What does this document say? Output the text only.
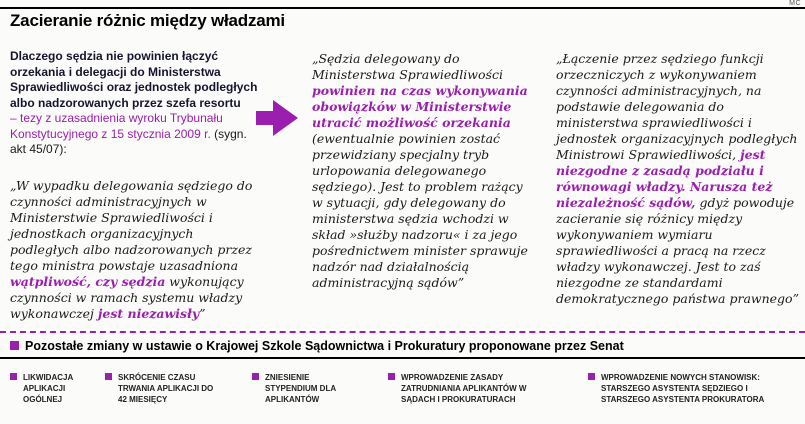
MC
Zacieranie różnic między władzami
Dlaczego sędzia nie powinien łączyć orzekania i delegacji do Ministerstwa Sprawiedliwości oraz jednostek podległych albo nadzorowanych przez szefa resortu
– tezy z uzasadnienia wyroku Trybunału Konstytucyjnego z 15 stycznia 2009 r. (sygn. akt 45/07):
„W wypadku delegowania sędziego do czynności administracyjnych w Ministerstwie Sprawiedliwości i jednostkach organizacyjnych podległych albo nadzorowanych przez tego ministra powstaje uzasadniona wątpliwość, czy sędzia wykonujący czynności w ramach systemu władzy wykonawczej jest niezawisły”
„Sędzia delegowany do Ministerstwa Sprawiedliwości powinien na czas wykonywania obowiązków w Ministerstwie utracić możliwość orzekania (ewentualnie powinien zostać przewidziany specjalny tryb urlopowania delegowanego sędziego). Jest to problem rażący w sytuacji, gdy delegowany do ministerstwa sędzia wchodzi w skład »służby nadzoru« i za jego pośrednictwem minister sprawuje nadzór nad działalnością administracyjną sądów”
„Łączenie przez sędziego funkcji orzeczniczych z wykonywaniem czynności administracyjnych, na podstawie delegowania do ministerstwa sprawiedliwości i jednostek organizacyjnych podległych Ministrowi Sprawiedliwości, jest niezgodne z zasadą podziału i równowagi władzy. Narusza też niezależność sądów, gdyż powoduje zacieranie się różnicy między wykonywaniem wymiaru sprawiedliwości a pracą na rzecz władzy wykonawczej. Jest to zaś niezgodne ze standardami demokratycznego państwa prawnego”
Pozostałe zmiany w ustawie o Krajowej Szkole Sądownictwa i Prokuratury proponowane przez Senat
LIKWIDACJA APLIKACJI OGÓLNEJ
SKRÓCENIE CZASU TRWANIA APLIKACJI DO 42 MIESIĘCY
ZNIESIENIE STYPENDIUM DLA APLIKANTÓW
WPROWADZENIE ZASADY ZATRUDNIANIA APLIKANTÓW W SĄDACH I PROKURATURACH
WPROWADZENIE NOWYCH STANOWISK: STARSZEGO ASYSTENTA SĘDZIEGO I STARSZEGO ASYSTENTA PROKURATORA
